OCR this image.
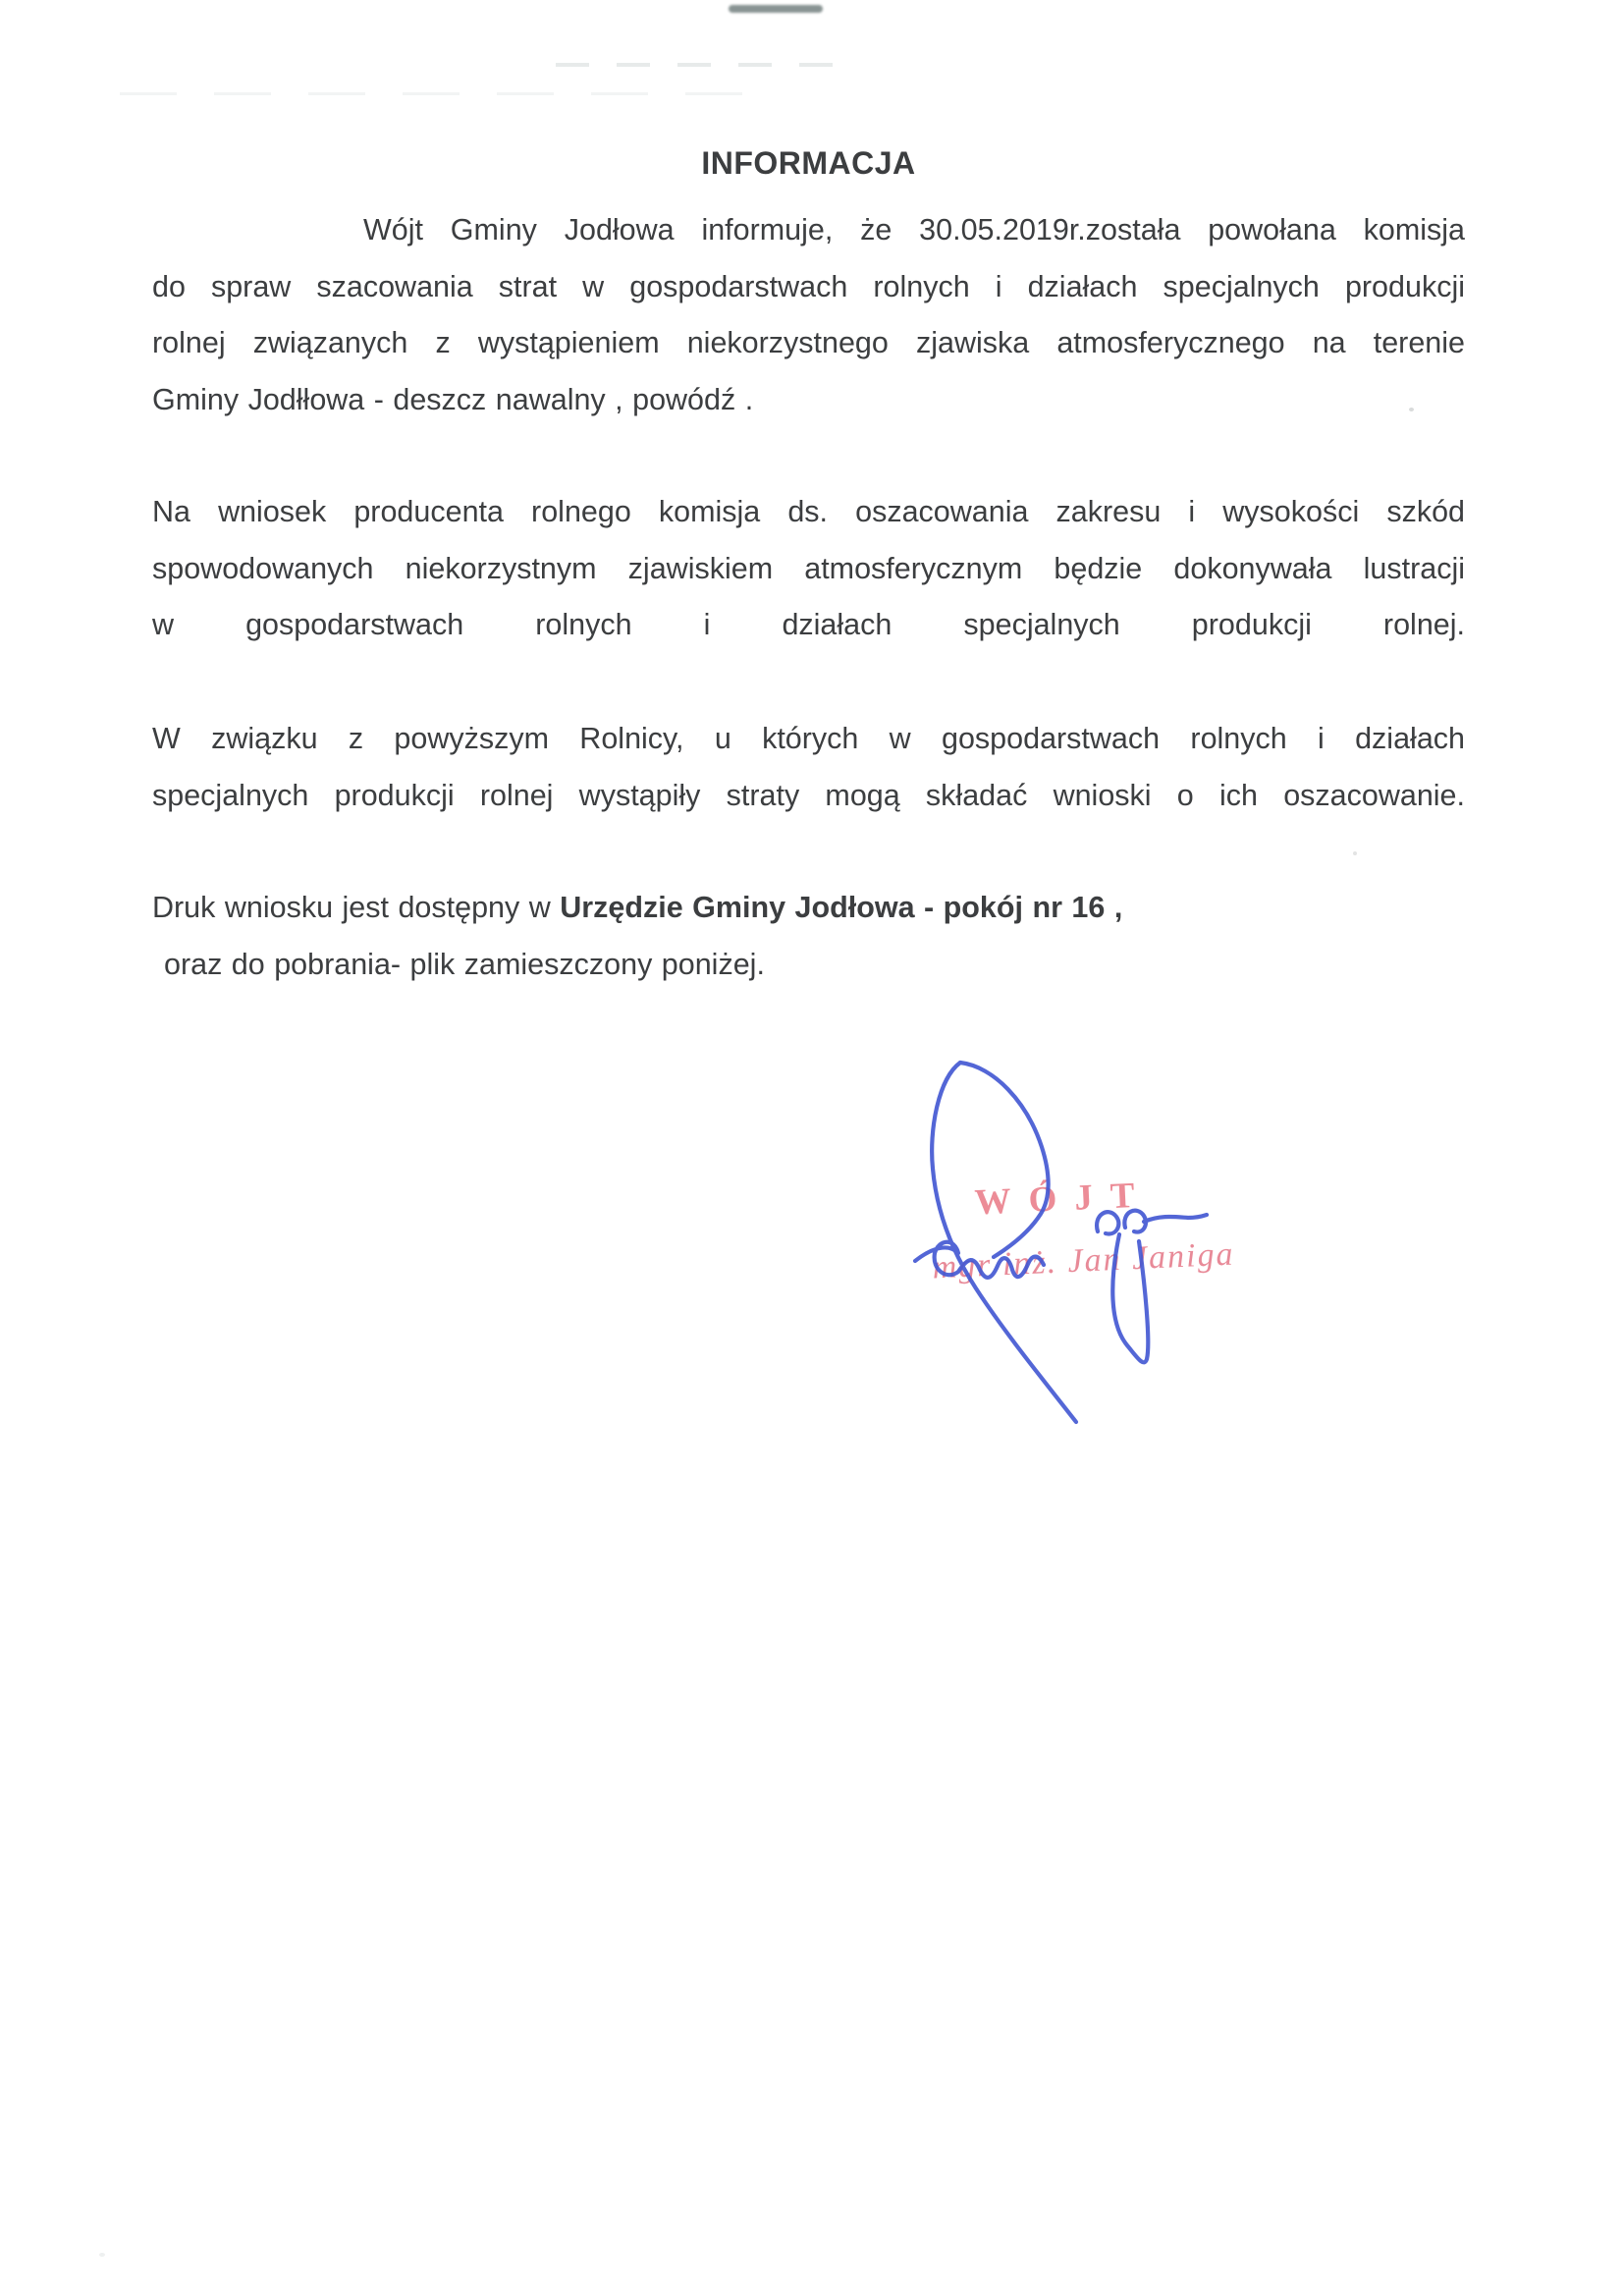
INFORMACJA
Wójt Gminy Jodłowa informuje, że 30.05.2019r.została powołana komisja
do spraw szacowania strat w gospodarstwach rolnych i działach specjalnych produkcji
rolnej związanych z wystąpieniem niekorzystnego zjawiska atmosferycznego na terenie
Gminy Jodłłowa - deszcz nawalny , powódź .
Na wniosek producenta rolnego komisja ds. oszacowania zakresu i wysokości szkód
spowodowanych niekorzystnym zjawiskiem atmosferycznym będzie dokonywała lustracji
w gospodarstwach rolnych i działach specjalnych produkcji rolnej.
W związku z powyższym Rolnicy, u których w gospodarstwach rolnych i działach
specjalnych produkcji rolnej wystąpiły straty mogą składać wnioski o ich oszacowanie.
Druk wniosku jest dostępny w Urzędzie Gminy Jodłowa - pokój nr 16 ,
oraz do pobrania- plik zamieszczony poniżej.
WÓJT
mgr inż. Jan Janiga
